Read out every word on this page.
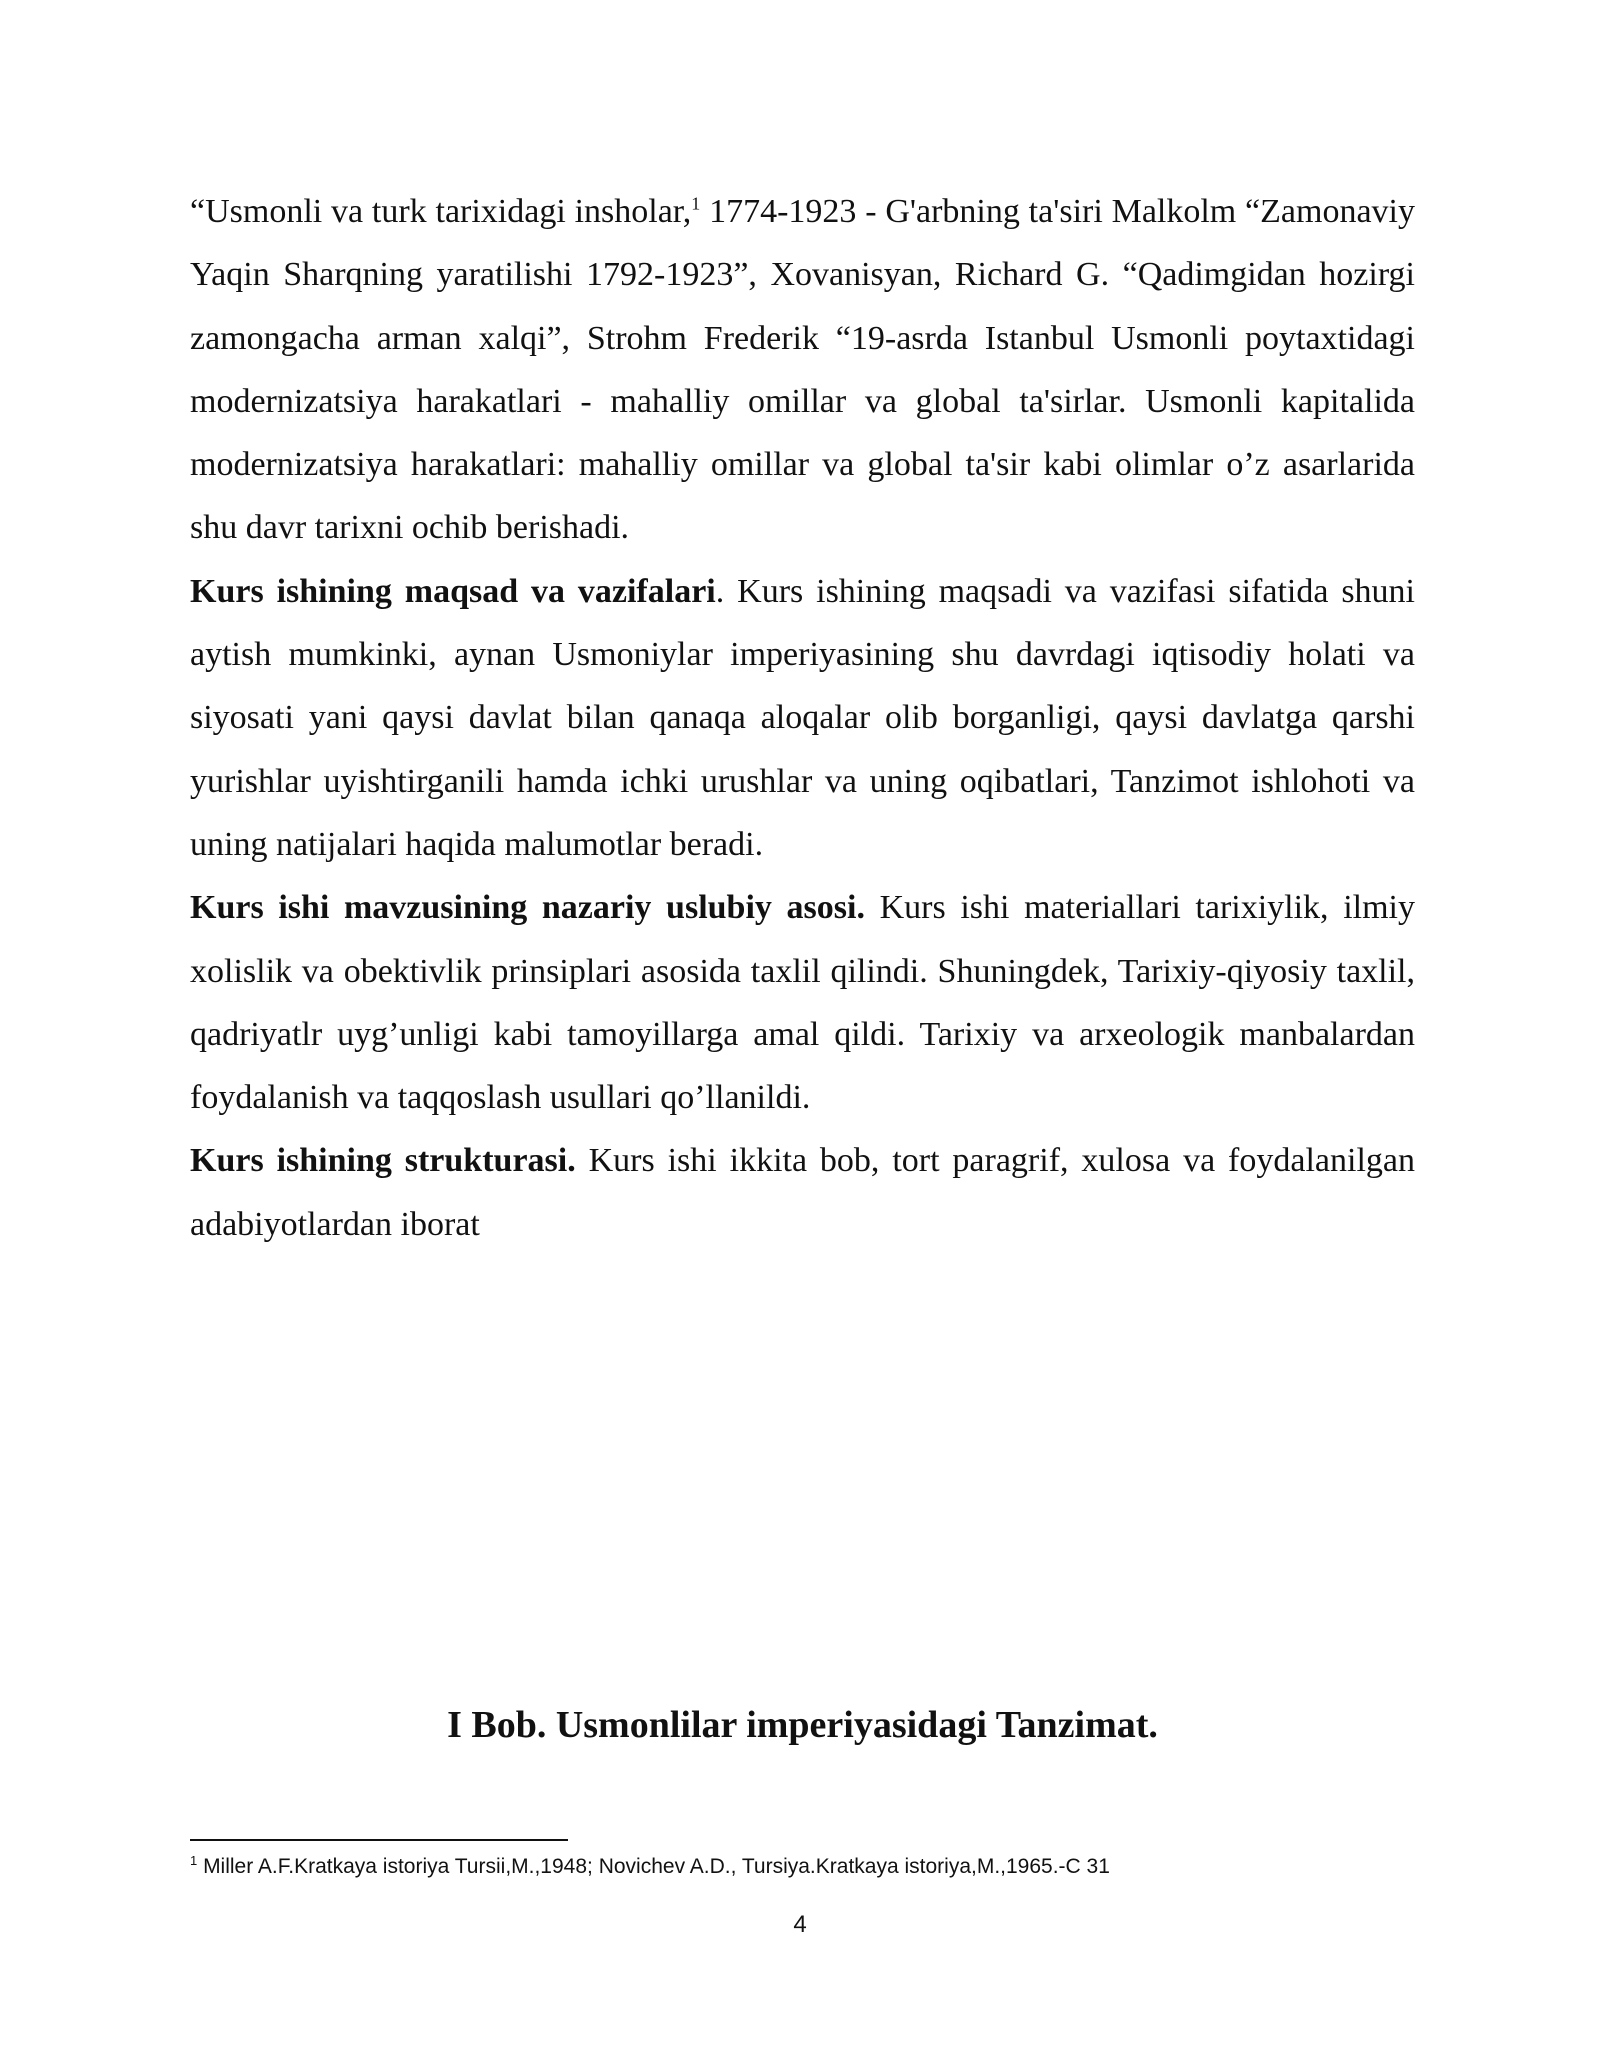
“Usmonli va turk tarixidagi insholar,$^1$ 1774-1923 - G'arbning ta'siri Malkolm “Zamonaviy Yaqin Sharqning yaratilishi 1792-1923”, Xovanisyan, Richard G. “Qadimgidan hozirgi zamongacha arman xalqi”, Strohm Frederik “19-asrda Istanbul Usmonli poytaxtidagi modernizatsiya harakatlari - mahalliy omillar va global ta'sirlar. Usmonli kapitalida modernizatsiya harakatlari: mahalliy omillar va global ta'sir kabi olimlar o’z asarlarida shu davr tarixni ochib berishadi.

Kurs ishining maqsad va vazifalari. Kurs ishining maqsadi va vazifasi sifatida shuni aytish mumkinki, aynan Usmoniylar imperiyasining shu davrdagi iqtisodiy holati va siyosati yani qaysi davlat bilan qanaqa aloqalar olib borganligi, qaysi davlatga qarshi yurishlar uyishtirganili hamda ichki urushlar va uning oqibatlari, Tanzimot ishlohoti va uning natijalari haqida malumotlar beradi.

Kurs ishi mavzusining nazariy uslubiy asosi. Kurs ishi materiallari tarixiylik, ilmiy xolislik va obektivlik prinsiplari asosida taxlil qilindi. Shuningdek, Tarixiy-qiyosiy taxlil, qadriyatlr uyg’unligi kabi tamoyillarga amal qildi. Tarixiy va arxeologik manbalardan foydalanish va taqqoslash usullari qo’llanildi.

Kurs ishining strukturasi. Kurs ishi ikkita bob, tort paragrif, xulosa va foydalanilgan adabiyotlardan iborat

I Bob. Usmonlilar imperiyasidagi Tanzimat.
$^1$ Miller A.F.Kratkaya istoriya Tursii,M.,1948; Novichev A.D., Tursiya.Kratkaya istoriya,M.,1965.-C 31
4
